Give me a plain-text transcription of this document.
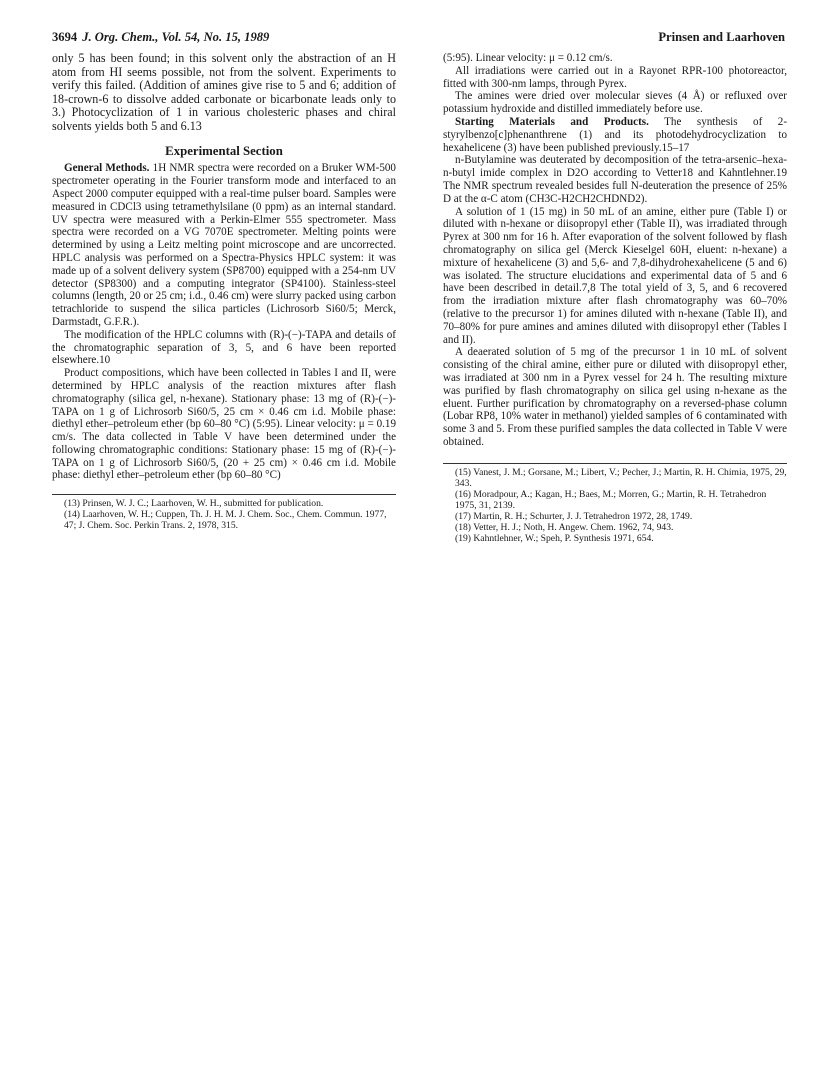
3694 J. Org. Chem., Vol. 54, No. 15, 1989	Prinsen and Laarhoven

only 5 has been found; in this solvent only the abstraction of an H atom from HI seems possible, not from the solvent. Experiments to verify this failed. (Addition of amines give rise to 5 and 6; addition of 18-crown-6 to dissolve added carbonate or bicarbonate leads only to 3.) Photocyclization of 1 in various cholesteric phases and chiral solvents yields both 5 and 6.13

Experimental Section

General Methods. 1H NMR spectra were recorded on a Bruker WM-500 spectrometer operating in the Fourier transform mode and interfaced to an Aspect 2000 computer equipped with a real-time pulser board. Samples were measured in CDCl3 using tetramethylsilane (0 ppm) as an internal standard. UV spectra were measured with a Perkin-Elmer 555 spectrometer. Mass spectra were recorded on a VG 7070E spectrometer. Melting points were determined by using a Leitz melting point microscope and are uncorrected. HPLC analysis was performed on a Spectra-Physics HPLC system: it was made up of a solvent delivery system (SP8700) equipped with a 254-nm UV detector (SP8300) and a computing integrator (SP4100). Stainless-steel columns (length, 20 or 25 cm; i.d., 0.46 cm) were slurry packed using carbon tetrachloride to suspend the silica particles (Lichrosorb Si60/5; Merck, Darmstadt, G.F.R.).

The modification of the HPLC columns with (R)-(−)-TAPA and details of the chromatographic separation of 3, 5, and 6 have been reported elsewhere.10

Product compositions, which have been collected in Tables I and II, were determined by HPLC analysis of the reaction mixtures after flash chromatography (silica gel, n-hexane). Stationary phase: 13 mg of (R)-(−)-TAPA on 1 g of Lichrosorb Si60/5, 25 cm × 0.46 cm i.d. Mobile phase: diethyl ether–petroleum ether (bp 60–80 °C) (5:95). Linear velocity: μ = 0.19 cm/s. The data collected in Table V have been determined under the following chromatographic conditions: Stationary phase: 15 mg of (R)-(−)-TAPA on 1 g of Lichrosorb Si60/5, (20 + 25 cm) × 0.46 cm i.d. Mobile phase: diethyl ether–petroleum ether (bp 60–80 °C)

(13) Prinsen, W. J. C.; Laarhoven, W. H., submitted for publication.

(14) Laarhoven, W. H.; Cuppen, Th. J. H. M. J. Chem. Soc., Chem. Commun. 1977, 47; J. Chem. Soc. Perkin Trans. 2, 1978, 315.

(5:95). Linear velocity: μ = 0.12 cm/s.

All irradiations were carried out in a Rayonet RPR-100 photoreactor, fitted with 300-nm lamps, through Pyrex.

The amines were dried over molecular sieves (4 Å) or refluxed over potassium hydroxide and distilled immediately before use.

Starting Materials and Products. The synthesis of 2-styrylbenzo[c]phenanthrene (1) and its photodehydrocyclization to hexahelicene (3) have been published previously.15–17

n-Butylamine was deuterated by decomposition of the tetra-arsenic–hexa-n-butyl imide complex in D2O according to Vetter18 and Kahntlehner.19 The NMR spectrum revealed besides full N-deuteration the presence of 25% D at the α-C atom (CH3C-H2CH2CHDND2).

A solution of 1 (15 mg) in 50 mL of an amine, either pure (Table I) or diluted with n-hexane or diisopropyl ether (Table II), was irradiated through Pyrex at 300 nm for 16 h. After evaporation of the solvent followed by flash chromatography on silica gel (Merck Kieselgel 60H, eluent: n-hexane) a mixture of hexahelicene (3) and 5,6- and 7,8-dihydrohexahelicene (5 and 6) was isolated. The structure elucidations and experimental data of 5 and 6 have been described in detail.7,8 The total yield of 3, 5, and 6 recovered from the irradiation mixture after flash chromatography was 60–70% (relative to the precursor 1) for amines diluted with n-hexane (Table II), and 70–80% for pure amines and amines diluted with diisopropyl ether (Tables I and II).

A deaerated solution of 5 mg of the precursor 1 in 10 mL of solvent consisting of the chiral amine, either pure or diluted with diisopropyl ether, was irradiated at 300 nm in a Pyrex vessel for 24 h. The resulting mixture was purified by flash chromatography on silica gel using n-hexane as the eluent. Further purification by chromatography on a reversed-phase column (Lobar RP8, 10% water in methanol) yielded samples of 6 contaminated with some 3 and 5. From these purified samples the data collected in Table V were obtained.

(15) Vanest, J. M.; Gorsane, M.; Libert, V.; Pecher, J.; Martin, R. H. Chimia, 1975, 29, 343.

(16) Moradpour, A.; Kagan, H.; Baes, M.; Morren, G.; Martin, R. H. Tetrahedron 1975, 31, 2139.

(17) Martin, R. H.; Schurter, J. J. Tetrahedron 1972, 28, 1749.

(18) Vetter, H. J.; Noth, H. Angew. Chem. 1962, 74, 943.

(19) Kahntlehner, W.; Speh, P. Synthesis 1971, 654.
